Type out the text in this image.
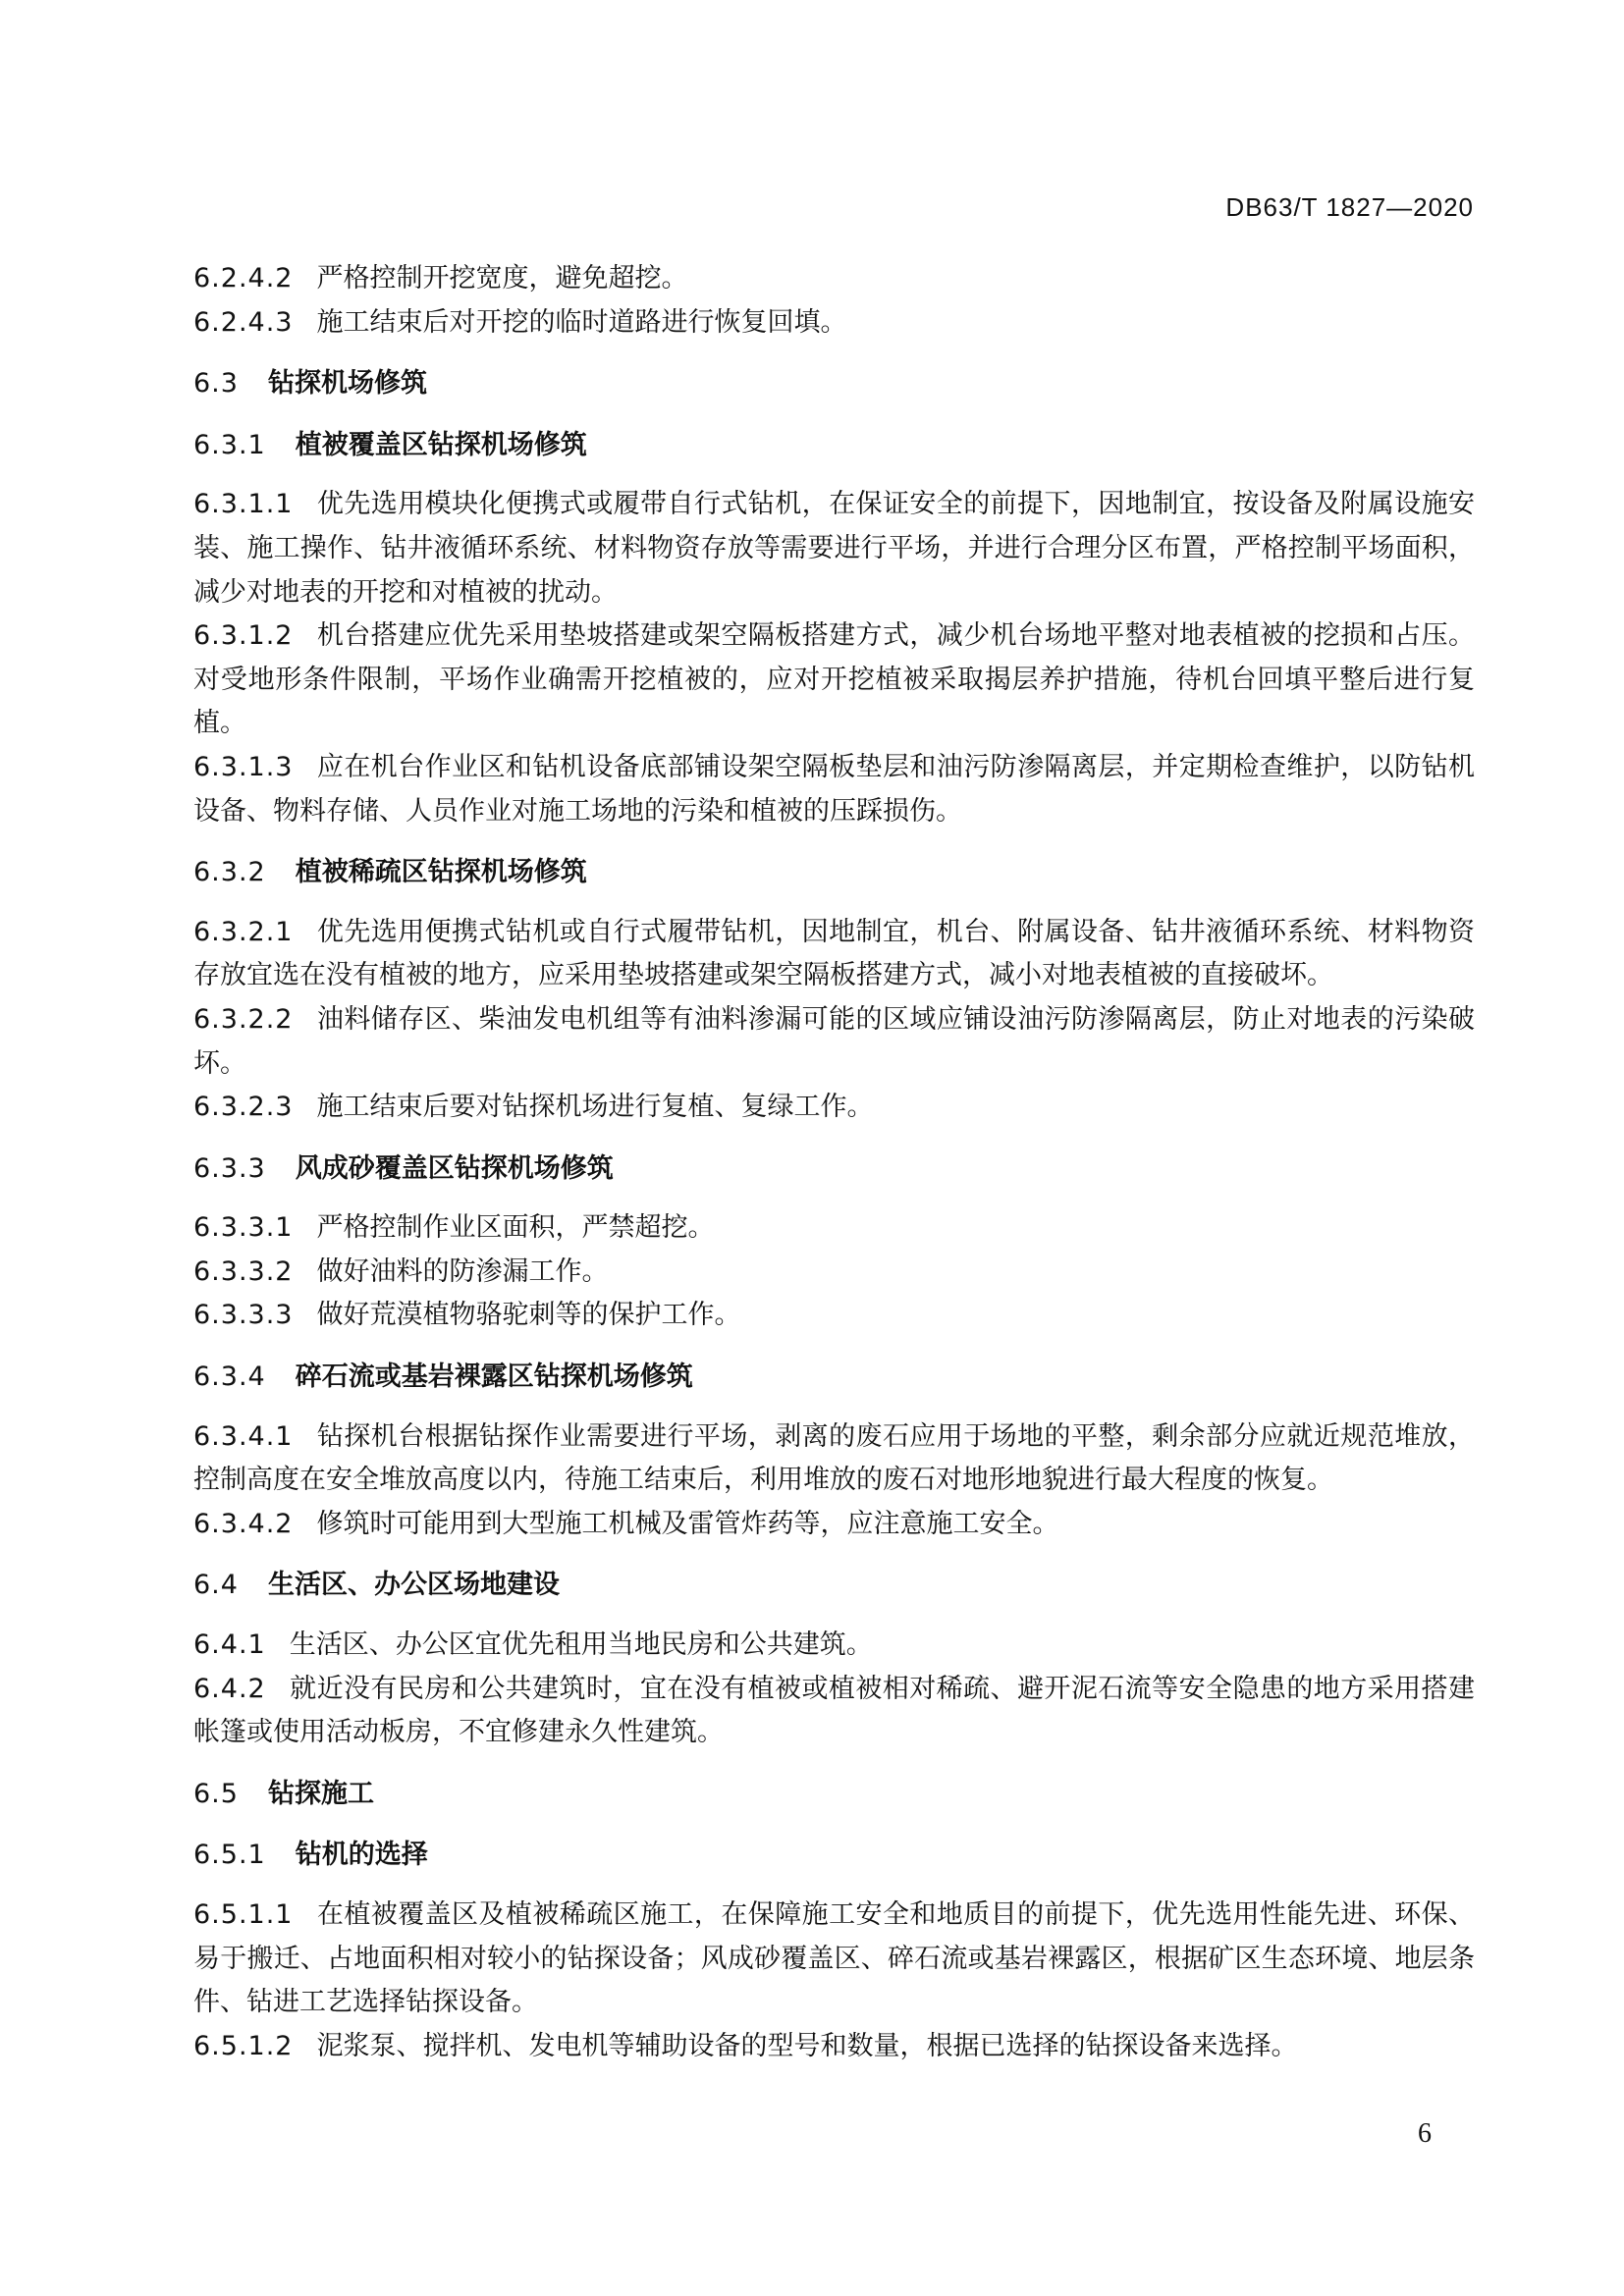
DB63/T 1827—2020

6.2.4.2 严格控制开挖宽度，避免超挖。

6.2.4.3 施工结束后对开挖的临时道路进行恢复回填。

6.3 钻探机场修筑
6.3.1 植被覆盖区钻探机场修筑

6.3.1.1 优先选用模块化便携式或履带自行式钻机，在保证安全的前提下，因地制宜，按设备及附属设施安装、施工操作、钻井液循环系统、材料物资存放等需要进行平场，并进行合理分区布置，严格控制平场面积，减少对地表的开挖和对植被的扰动。

6.3.1.2 机台搭建应优先采用垫坡搭建或架空隔板搭建方式，减少机台场地平整对地表植被的挖损和占压。对受地形条件限制，平场作业确需开挖植被的，应对开挖植被采取揭层养护措施，待机台回填平整后进行复植。

6.3.1.3 应在机台作业区和钻机设备底部铺设架空隔板垫层和油污防渗隔离层，并定期检查维护，以防钻机设备、物料存储、人员作业对施工场地的污染和植被的压踩损伤。

6.3.2 植被稀疏区钻探机场修筑

6.3.2.1 优先选用便携式钻机或自行式履带钻机，因地制宜，机台、附属设备、钻井液循环系统、材料物资存放宜选在没有植被的地方，应采用垫坡搭建或架空隔板搭建方式，减小对地表植被的直接破坏。

6.3.2.2 油料储存区、柴油发电机组等有油料渗漏可能的区域应铺设油污防渗隔离层，防止对地表的污染破坏。

6.3.2.3 施工结束后要对钻探机场进行复植、复绿工作。

6.3.3 风成砂覆盖区钻探机场修筑

6.3.3.1 严格控制作业区面积，严禁超挖。

6.3.3.2 做好油料的防渗漏工作。

6.3.3.3 做好荒漠植物骆驼刺等的保护工作。

6.3.4 碎石流或基岩裸露区钻探机场修筑

6.3.4.1 钻探机台根据钻探作业需要进行平场，剥离的废石应用于场地的平整，剩余部分应就近规范堆放，控制高度在安全堆放高度以内，待施工结束后，利用堆放的废石对地形地貌进行最大程度的恢复。

6.3.4.2 修筑时可能用到大型施工机械及雷管炸药等，应注意施工安全。

6.4 生活区、办公区场地建设

6.4.1 生活区、办公区宜优先租用当地民房和公共建筑。

6.4.2 就近没有民房和公共建筑时，宜在没有植被或植被相对稀疏、避开泥石流等安全隐患的地方采用搭建帐篷或使用活动板房，不宜修建永久性建筑。

6.5 钻探施工
6.5.1 钻机的选择

6.5.1.1 在植被覆盖区及植被稀疏区施工，在保障施工安全和地质目的前提下，优先选用性能先进、环保、易于搬迁、占地面积相对较小的钻探设备；风成砂覆盖区、碎石流或基岩裸露区，根据矿区生态环境、地层条件、钻进工艺选择钻探设备。

6.5.1.2 泥浆泵、搅拌机、发电机等辅助设备的型号和数量，根据已选择的钻探设备来选择。

6
